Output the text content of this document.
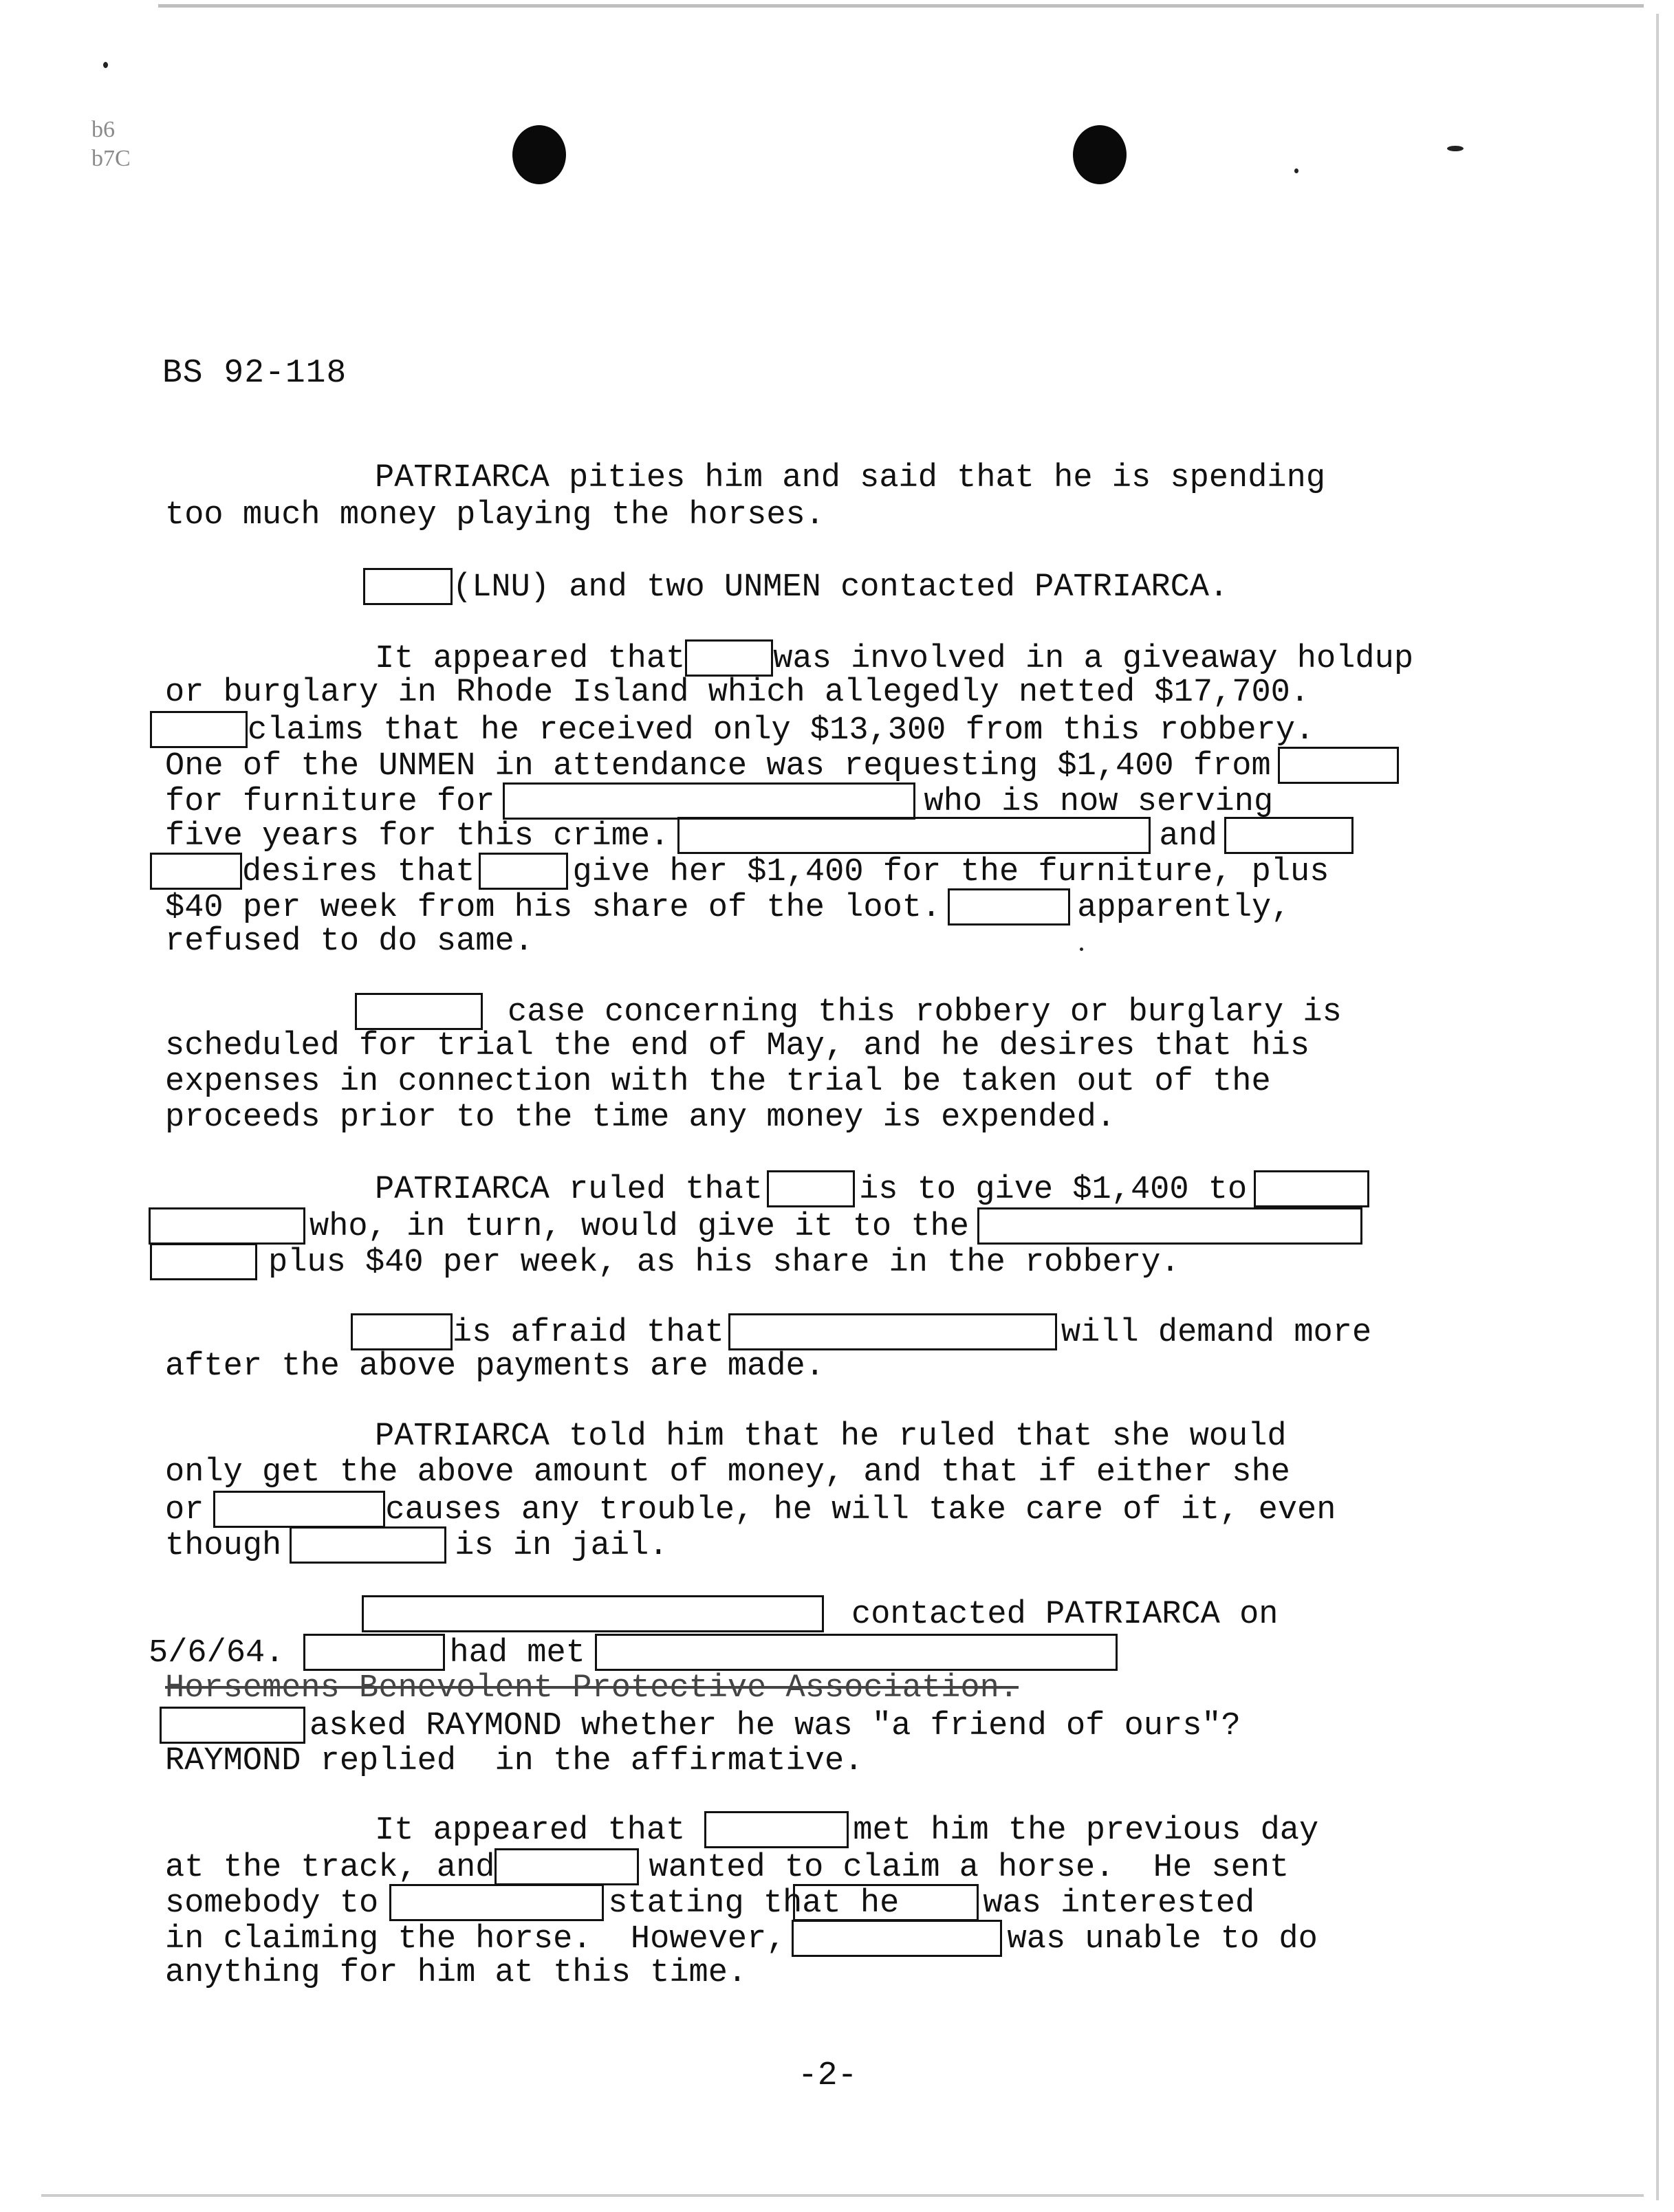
b6
b7C
BS 92-118
PATRIARCA pities him and said that he is spending
too much money playing the horses.
(LNU) and two UNMEN contacted PATRIARCA.
It appeared that	was involved in a giveaway holdup
or burglary in Rhode Island which allegedly netted $17,700.
claims that he received only $13,300 from this robbery.
One of the UNMEN in attendance was requesting $1,400 from
for furniture for	who is now serving
five years for this crime.	and
desires that	give her $1,400 for the furniture, plus
$40 per week from his share of the loot.	apparently,
refused to do same.
case concerning this robbery or burglary is
scheduled for trial the end of May, and he desires that his
expenses in connection with the trial be taken out of the
proceeds prior to the time any money is expended.
PATRIARCA ruled that	is to give $1,400 to
who, in turn, would give it to the
plus $40 per week, as his share in the robbery.
is afraid that	will demand more
after the above payments are made.
PATRIARCA told him that he ruled that she would
only get the above amount of money, and that if either she
or	causes any trouble, he will take care of it, even
though	is in jail.
contacted PATRIARCA on
5/6/64.	had met
Horsemens Benevolent Protective Association.
asked RAYMOND whether he was "a friend of ours"?
RAYMOND replied  in the affirmative.
It appeared that	met him the previous day
at the track, and	wanted to claim a horse.  He sent
somebody to	stating that he	was interested
in claiming the horse.  However,	was unable to do
anything for him at this time.
-2-
